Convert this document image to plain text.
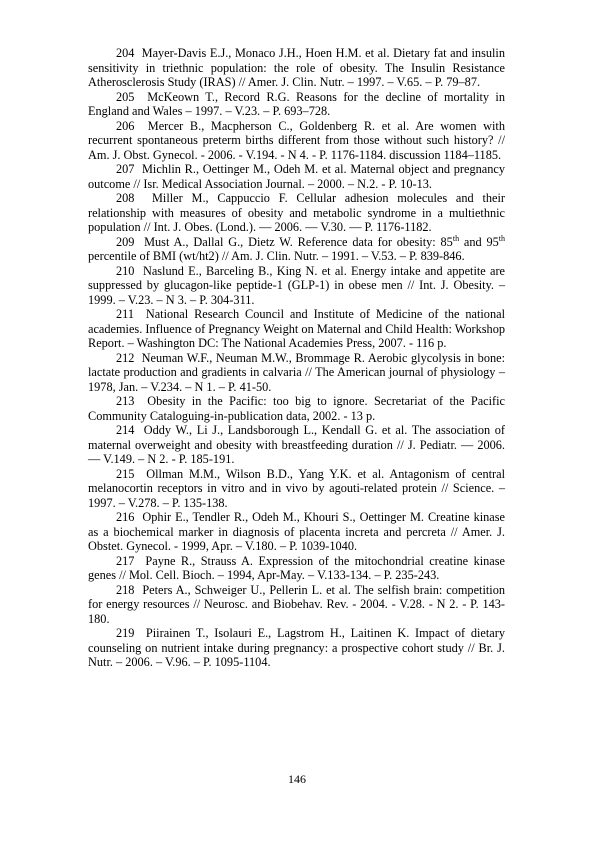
204 Mayer-Davis E.J., Monaco J.H., Hoen H.M. et al. Dietary fat and insulin sensitivity in triethnic population: the role of obesity. The Insulin Resistance Atherosclerosis Study (IRAS) // Amer. J. Clin. Nutr. – 1997. – V.65. – P. 79–87.

205 McKeown T., Record R.G. Reasons for the decline of mortality in England and Wales – 1997. – V.23. – P. 693–728.

206 Mercer B., Macpherson C., Goldenberg R. et al. Are women with recurrent spontaneous preterm births different from those without such history? // Am. J. Obst. Gynecol. - 2006. - V.194. - N 4. - P. 1176-1184. discussion 1184–1185.

207 Michlin R., Oettinger M., Odeh M. et al. Maternal object and pregnancy outcome // Isr. Medical Association Journal. – 2000. – N.2. - P. 10-13.

208 Miller M., Cappuccio F. Cellular adhesion molecules and their relationship with measures of obesity and metabolic syndrome in a multiethnic population // Int. J. Obes. (Lond.). — 2006. — V.30. — P. 1176-1182.

209 Must A., Dallal G., Dietz W. Reference data for obesity: 85th and 95th percentile of BMI (wt/ht2) // Am. J. Clin. Nutr. – 1991. – V.53. – P. 839-846.

210 Naslund E., Barceling B., King N. et al. Energy intake and appetite are suppressed by glucagon-like peptide-1 (GLP-1) in obese men // Int. J. Obesity. – 1999. – V.23. – N 3. – P. 304-311.

211 National Research Council and Institute of Medicine of the national academies. Influence of Pregnancy Weight on Maternal and Child Health: Workshop Report. – Washington DC: The National Academies Press, 2007. - 116 p.

212 Neuman W.F., Neuman M.W., Brommage R. Aerobic glycolysis in bone: lactate production and gradients in calvaria // The American journal of physiology – 1978, Jan. – V.234. – N 1. – P. 41-50.

213 Obesity in the Pacific: too big to ignore. Secretariat of the Pacific Community Cataloguing-in-publication data, 2002. - 13 p.

214 Oddy W., Li J., Landsborough L., Kendall G. et al. The association of maternal overweight and obesity with breastfeeding duration // J. Pediatr. — 2006. — V.149. – N 2. - P. 185-191.

215 Ollman M.M., Wilson B.D., Yang Y.K. et al. Antagonism of central melanocortin receptors in vitro and in vivo by agouti-related protein // Science. – 1997. – V.278. – P. 135-138.

216 Ophir E., Tendler R., Odeh M., Khouri S., Oettinger M. Creatine kinase as a biochemical marker in diagnosis of placenta increta and percreta // Amer. J. Obstet. Gynecol. - 1999, Apr. – V.180. – P. 1039-1040.

217 Payne R., Strauss A. Expression of the mitochondrial creatine kinase genes // Mol. Cell. Bioch. – 1994, Apr-May. – V.133-134. – P. 235-243.

218 Peters A., Schweiger U., Pellerin L. et al. The selfish brain: competition for energy resources // Neurosc. and Biobehav. Rev. - 2004. - V.28. - N 2. - P. 143-180.

219 Piirainen T., Isolauri E., Lagstrom H., Laitinen K. Impact of dietary counseling on nutrient intake during pregnancy: a prospective cohort study // Br. J. Nutr. – 2006. – V.96. – P. 1095-1104.

146
